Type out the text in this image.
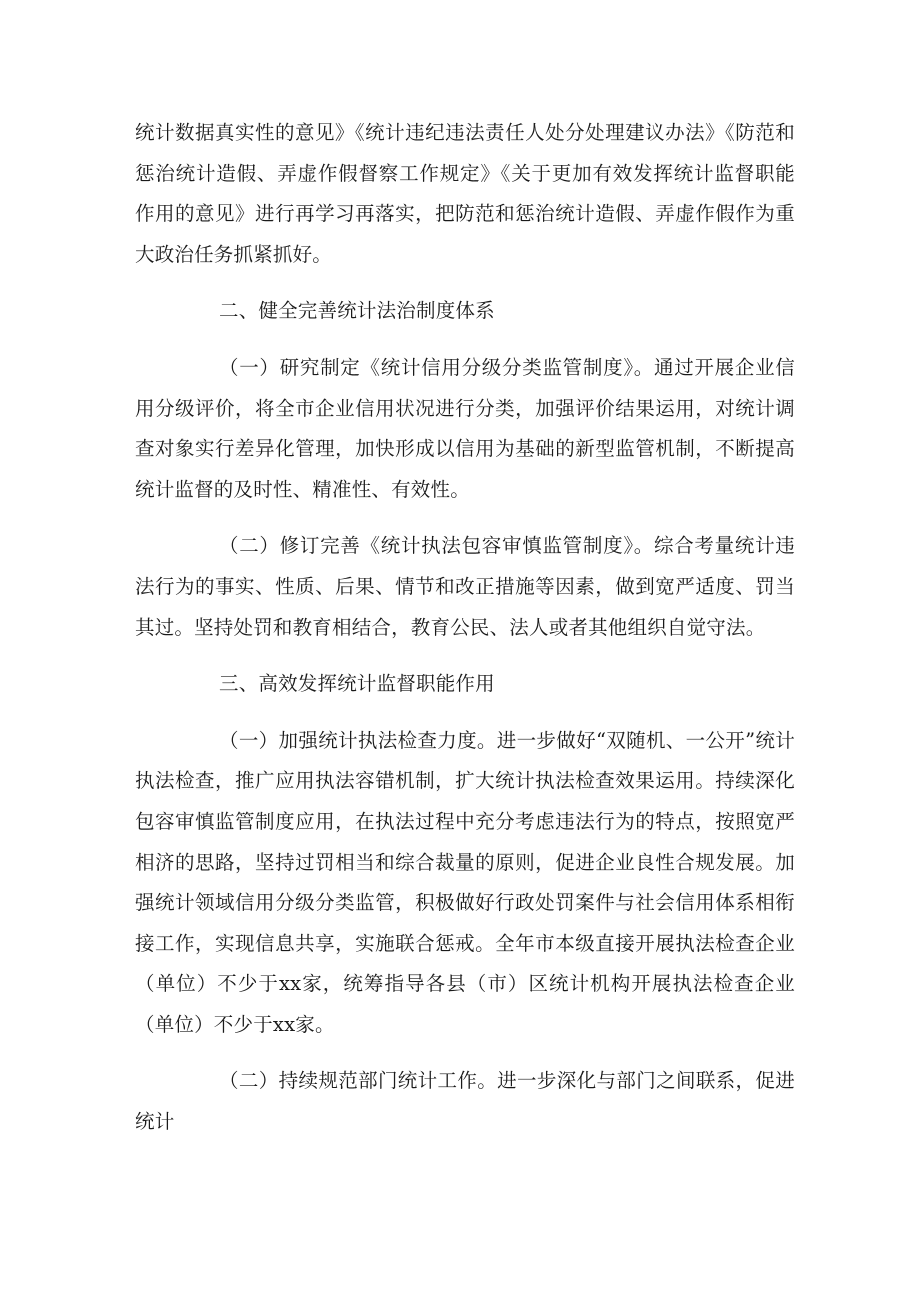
统计数据真实性的意见》《统计违纪违法责任人处分处理建议办法》《防范和惩治统计造假、弄虚作假督察工作规定》《关于更加有效发挥统计监督职能作用的意见》进行再学习再落实，把防范和惩治统计造假、弄虚作假作为重大政治任务抓紧抓好。

二、健全完善统计法治制度体系

（一）研究制定《统计信用分级分类监管制度》。通过开展企业信用分级评价，将全市企业信用状况进行分类，加强评价结果运用，对统计调查对象实行差异化管理，加快形成以信用为基础的新型监管机制，不断提高统计监督的及时性、精准性、有效性。

（二）修订完善《统计执法包容审慎监管制度》。综合考量统计违法行为的事实、性质、后果、情节和改正措施等因素，做到宽严适度、罚当其过。坚持处罚和教育相结合，教育公民、法人或者其他组织自觉守法。

三、高效发挥统计监督职能作用

（一）加强统计执法检查力度。进一步做好“双随机、一公开”统计执法检查，推广应用执法容错机制，扩大统计执法检查效果运用。持续深化包容审慎监管制度应用，在执法过程中充分考虑违法行为的特点，按照宽严相济的思路，坚持过罚相当和综合裁量的原则，促进企业良性合规发展。加强统计领域信用分级分类监管，积极做好行政处罚案件与社会信用体系相衔接工作，实现信息共享，实施联合惩戒。全年市本级直接开展执法检查企业（单位）不少于xx家，统筹指导各县（市）区统计机构开展执法检查企业（单位）不少于xx家。

（二）持续规范部门统计工作。进一步深化与部门之间联系，促进统计
